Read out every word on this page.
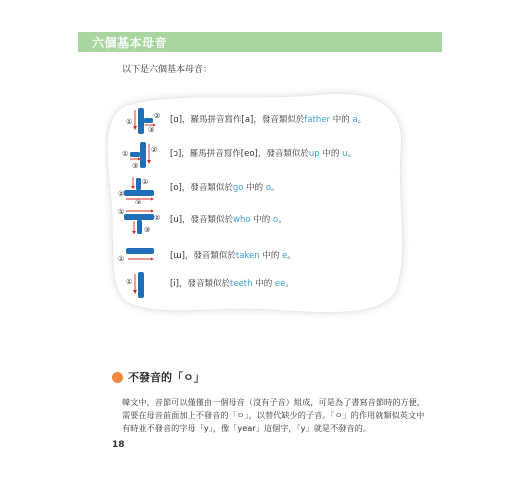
六個基本母音
以下是六個基本母音：
①
③
② [ɑ]，羅馬拼音寫作[a]，發音類似於father 中的 a。
①	②
③
[ɔ]，羅馬拼音寫作[eo]，發音類似於up 中的 u。
①
②
③
[o]，發音類似於go 中的 o。
①
②
③
[u]，發音類似於who 中的 o。
①	[ɯ]，發音類似於taken 中的 e。
①	[i]，發音類似於teeth 中的 ee。
不發音的「ㅇ」
韓文中，音節可以僅僅由一個母音（沒有子音）組成，可是為了書寫音節時的方便，需要在母音前面加上不發音的「ㅇ」，以替代缺少的子音。「ㅇ」的作用就類似英文中有時並不發音的字母「y」，像「year」這個字，「y」就是不發音的。
18
